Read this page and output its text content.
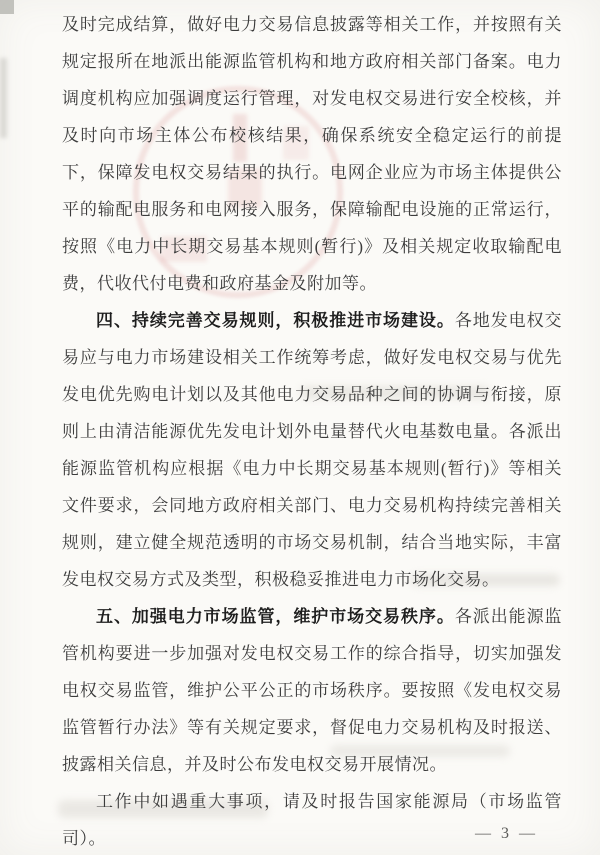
及时完成结算，做好电力交易信息披露等相关工作，并按照有关规定报所在地派出能源监管机构和地方政府相关部门备案。电力调度机构应加强调度运行管理，对发电权交易进行安全校核，并及时向市场主体公布校核结果，确保系统安全稳定运行的前提下，保障发电权交易结果的执行。电网企业应为市场主体提供公平的输配电服务和电网接入服务，保障输配电设施的正常运行，按照《电力中长期交易基本规则(暂行)》及相关规定收取输配电费，代收代付电费和政府基金及附加等。

四、持续完善交易规则，积极推进市场建设。各地发电权交易应与电力市场建设相关工作统筹考虑，做好发电权交易与优先发电优先购电计划以及其他电力交易品种之间的协调与衔接，原则上由清洁能源优先发电计划外电量替代火电基数电量。各派出能源监管机构应根据《电力中长期交易基本规则(暂行)》等相关文件要求，会同地方政府相关部门、电力交易机构持续完善相关规则，建立健全规范透明的市场交易机制，结合当地实际，丰富发电权交易方式及类型，积极稳妥推进电力市场化交易。

五、加强电力市场监管，维护市场交易秩序。各派出能源监管机构要进一步加强对发电权交易工作的综合指导，切实加强发电权交易监管，维护公平公正的市场秩序。要按照《发电权交易监管暂行办法》等有关规定要求，督促电力交易机构及时报送、披露相关信息，并及时公布发电权交易开展情况。

工作中如遇重大事项，请及时报告国家能源局（市场监管司）。	— 3 —
